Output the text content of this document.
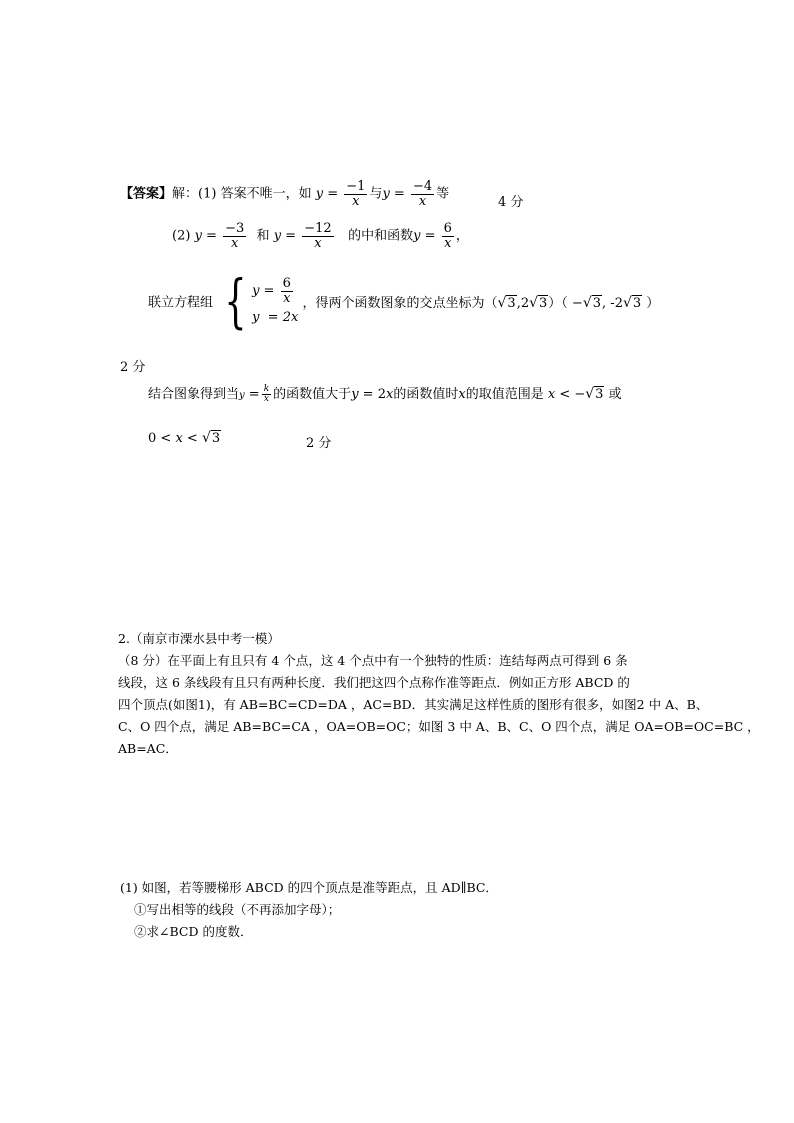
【答案】解：(1) 答案不唯一，如 $y = \frac{-1}{x}$ 与$y = \frac{-4}{x}$ 等
4 分
(2) $y = \frac{-3}{x}$ 和 $y = \frac{-12}{x}$ 的中和函数$y = \frac{6}{x}$ ，
联立方程组 { $y = \frac{6}{x}$
y  = 2x
，得两个函数图象的交点坐标为（√3,2√3）（ −√3, -2√3 ）
2 分
结合图象得到当$y = \frac{k}{x}$ 的函数值大于y = 2x的函数值时x的取值范围是 x < −√3 或
0 < x < √3	2 分
2.（南京市溧水县中考一模）
（8 分）在平面上有且只有 4 个点，这 4 个点中有一个独特的性质：连结每两点可得到 6 条
线段，这 6 条线段有且只有两种长度．我们把这四个点称作准等距点．例如正方形 ABCD 的
四个顶点(如图1)，有 AB=BC=CD=DA ，AC=BD．其实满足这样性质的图形有很多，如图2 中 A、B、
C、O 四个点，满足 AB=BC=CA ，OA=OB=OC；如图 3 中 A、B、C、O 四个点，满足 OA=OB=OC=BC ，
AB=AC．
(1) 如图，若等腰梯形 ABCD 的四个顶点是准等距点，且 AD∥BC．
①写出相等的线段（不再添加字母）；
②求∠BCD 的度数．
